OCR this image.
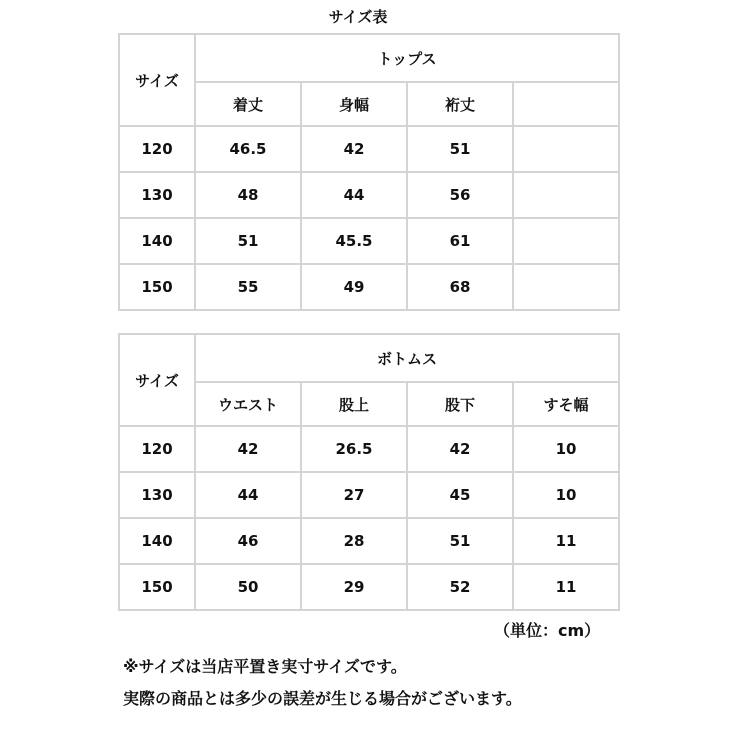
サイズ表
サイズ	トップス			
	着丈	身幅	裄丈	
120	46.5	42	51	
130	48	44	56	
140	51	45.5	61	
150	55	49	68	
サイズ	ボトムス			
	ウエスト	股上	股下	すそ幅
120	42	26.5	42	10
130	44	27	45	10
140	46	28	51	11
150	50	29	52	11
（単位：cm）
※サイズは当店平置き実寸サイズです。
実際の商品とは多少の誤差が生じる場合がございます。
